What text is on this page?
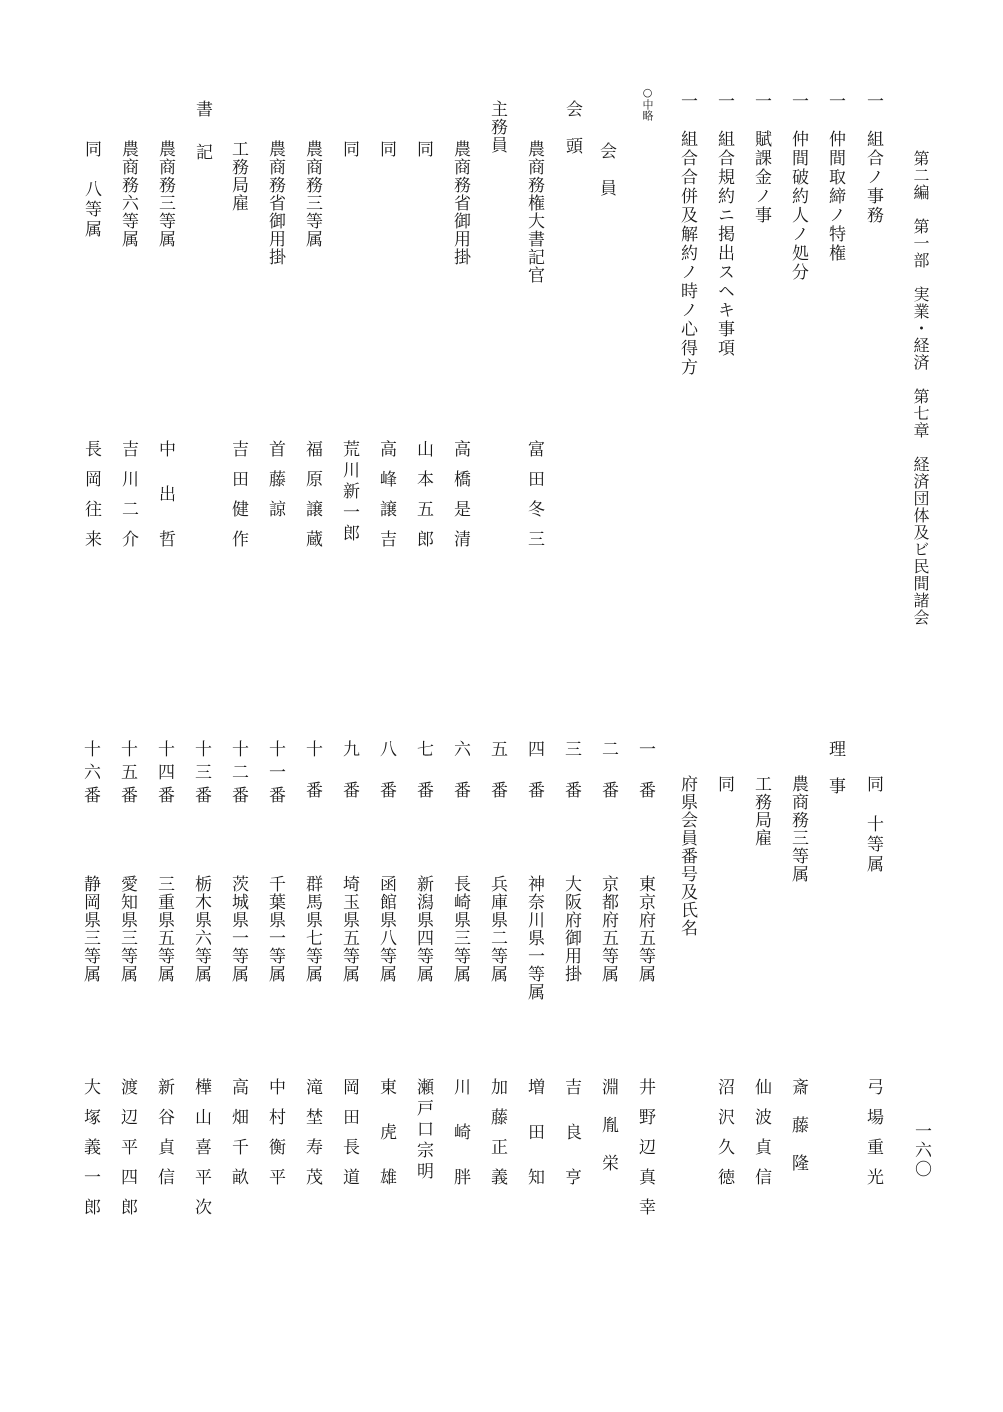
第二編　第一部　実業・経済　第七章　経済団体及ビ民間諸会
一六〇
一　組合ノ事務
一　仲間取締ノ特権
一　仲間破約人ノ処分
一　賦課金ノ事
一　組合規約ニ掲出スヘキ事項
一　組合合併及解約ノ時ノ心得方
○中略
会員
会頭
農商務権大書記官
富田冬三
主務員
農商務省御用掛
高橋是清
同
山本五郎
同
高峰譲吉
同
荒川新一郎
農商務三等属
福原譲蔵
農商務省御用掛
首藤諒
工務局雇
吉田健作
書記
農商務三等属
中出哲
農商務六等属
吉川二介
同　八等属
長岡往来
同　十等属
弓場重光
理事
農商務三等属
斎藤隆
工務局雇
仙波貞信
同
沼沢久徳
府県会員番号及氏名
一番
東京府五等属
井野辺真幸
二番
京都府五等属
淵胤栄
三番
大阪府御用掛
吉良亨
四番
神奈川県一等属
増田知
五番
兵庫県二等属
加藤正義
六番
長崎県三等属
川崎胖
七番
新潟県四等属
瀬戸口宗明
八番
函館県八等属
東虎雄
九番
埼玉県五等属
岡田長道
十番
群馬県七等属
滝埜寿茂
十一番
千葉県一等属
中村衡平
十二番
茨城県一等属
高畑千畝
十三番
栃木県六等属
樺山喜平次
十四番
三重県五等属
新谷貞信
十五番
愛知県三等属
渡辺平四郎
十六番
静岡県三等属
大塚義一郎
